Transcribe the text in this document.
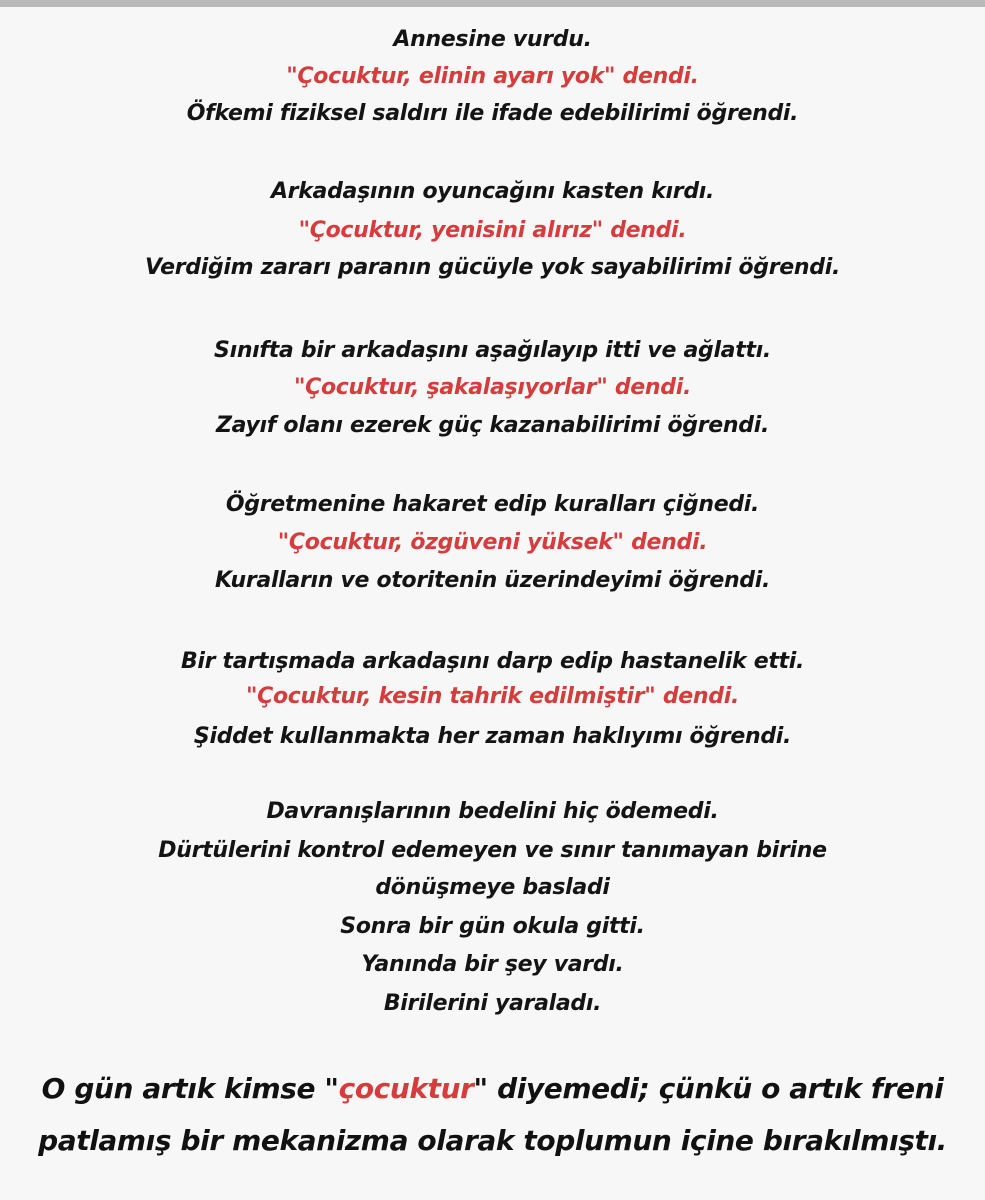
Annesine vurdu.
"Çocuktur, elinin ayarı yok" dendi.
Öfkemi fiziksel saldırı ile ifade edebilirimi öğrendi.
Arkadaşının oyuncağını kasten kırdı.
"Çocuktur, yenisini alırız" dendi.
Verdiğim zararı paranın gücüyle yok sayabilirimi öğrendi.
Sınıfta bir arkadaşını aşağılayıp itti ve ağlattı.
"Çocuktur, şakalaşıyorlar" dendi.
Zayıf olanı ezerek güç kazanabilirimi öğrendi.
Öğretmenine hakaret edip kuralları çiğnedi.
"Çocuktur, özgüveni yüksek" dendi.
Kuralların ve otoritenin üzerindeyimi öğrendi.
Bir tartışmada arkadaşını darp edip hastanelik etti.
"Çocuktur, kesin tahrik edilmiştir" dendi.
Şiddet kullanmakta her zaman haklıyımı öğrendi.
Davranışlarının bedelini hiç ödemedi.
Dürtülerini kontrol edemeyen ve sınır tanımayan birine
dönüşmeye basladi
Sonra bir gün okula gitti.
Yanında bir şey vardı.
Birilerini yaraladı.
O gün artık kimse "çocuktur" diyemedi; çünkü o artık freni
patlamış bir mekanizma olarak toplumun içine bırakılmıştı.
